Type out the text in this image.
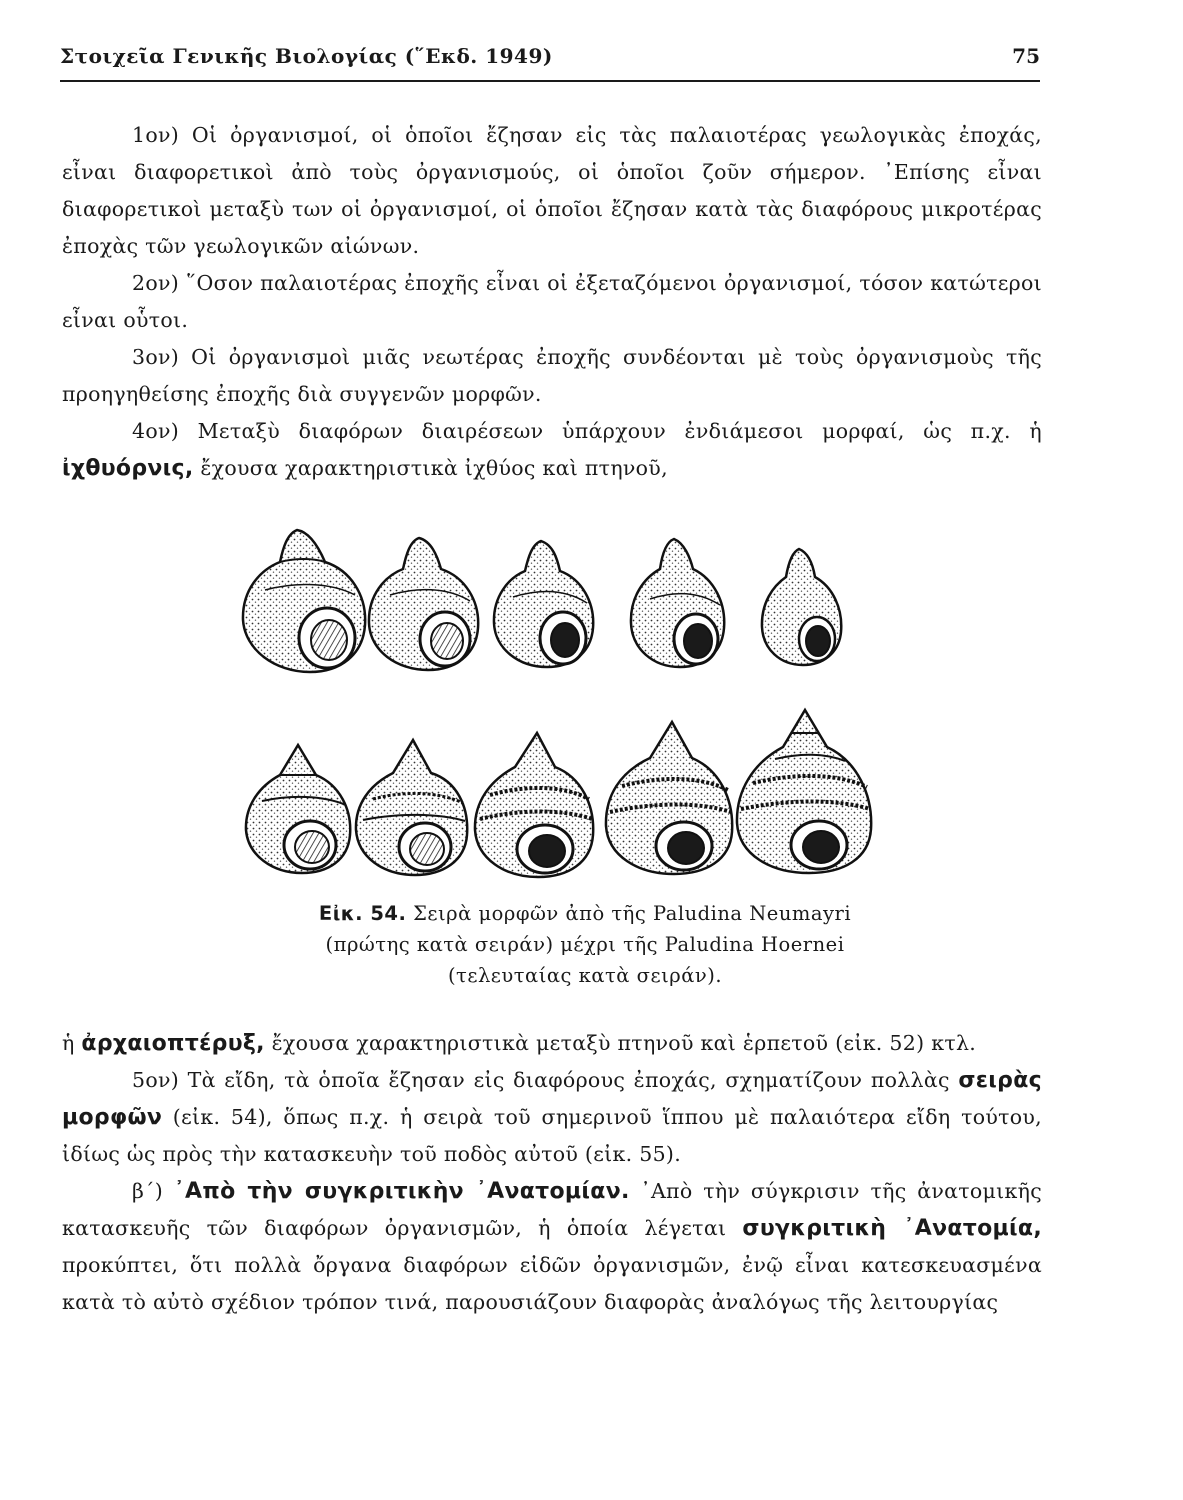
Στοιχεῖα Γενικῆς Βιολογίας (῞Εκδ. 1949)	75

1ον) Οἱ ὀργανισμοί, οἱ ὁποῖοι ἔζησαν εἰς τὰς παλαιοτέρας γεωλογικὰς ἐποχάς, εἶναι διαφορετικοὶ ἀπὸ τοὺς ὀργανισμούς, οἱ ὁποῖοι ζοῦν σήμερον. ᾿Επίσης εἶναι διαφορετικοὶ μεταξὺ των οἱ ὀργανισμοί, οἱ ὁποῖοι ἔζησαν κατὰ τὰς διαφόρους μικροτέρας ἐποχὰς τῶν γεωλογικῶν αἰώνων.

2ον) ῞Οσον παλαιοτέρας ἐποχῆς εἶναι οἱ ἐξεταζόμενοι ὀργανισμοί, τόσον κατώτεροι εἶναι οὗτοι.

3ον) Οἱ ὀργανισμοὶ μιᾶς νεωτέρας ἐποχῆς συνδέονται μὲ τοὺς ὀργανισμοὺς τῆς προηγηθείσης ἐποχῆς διὰ συγγενῶν μορφῶν.

4ον) Μεταξὺ διαφόρων διαιρέσεων ὑπάρχουν ἐνδιάμεσοι μορφαί, ὡς π.χ. ἡ ἰχθυόρνις, ἔχουσα χαρακτηριστικὰ ἰχθύος καὶ πτηνοῦ,

Εἰκ. 54. Σειρὰ μορφῶν ἀπὸ τῆς Paludina Neumayri
(πρώτης κατὰ σειράν) μέχρι τῆς Paludina Hoernei
(τελευταίας κατὰ σειράν).

ἡ ἀρχαιοπτέρυξ, ἔχουσα χαρακτηριστικὰ μεταξὺ πτηνοῦ καὶ ἑρπετοῦ (εἰκ. 52) κτλ.

5ον) Τὰ εἴδη, τὰ ὁποῖα ἔζησαν εἰς διαφόρους ἐποχάς, σχηματίζουν πολλὰς σειρὰς μορφῶν (εἰκ. 54), ὅπως π.χ. ἡ σειρὰ τοῦ σημερινοῦ ἵππου μὲ παλαιότερα εἴδη τούτου, ἰδίως ὡς πρὸς τὴν κατασκευὴν τοῦ ποδὸς αὐτοῦ (εἰκ. 55).

β΄) ᾿Απὸ τὴν συγκριτικὴν ᾿Ανατομίαν. ᾿Απὸ τὴν σύγκρισιν τῆς ἀνατομικῆς κατασκευῆς τῶν διαφόρων ὀργανισμῶν, ἡ ὁποία λέγεται συγκριτικὴ ᾿Ανατομία, προκύπτει, ὅτι πολλὰ ὄργανα διαφόρων εἰδῶν ὀργανισμῶν, ἐνῷ εἶναι κατεσκευασμένα κατὰ τὸ αὐτὸ σχέδιον τρόπον τινά, παρουσιάζουν διαφορὰς ἀναλόγως τῆς λειτουργίας
